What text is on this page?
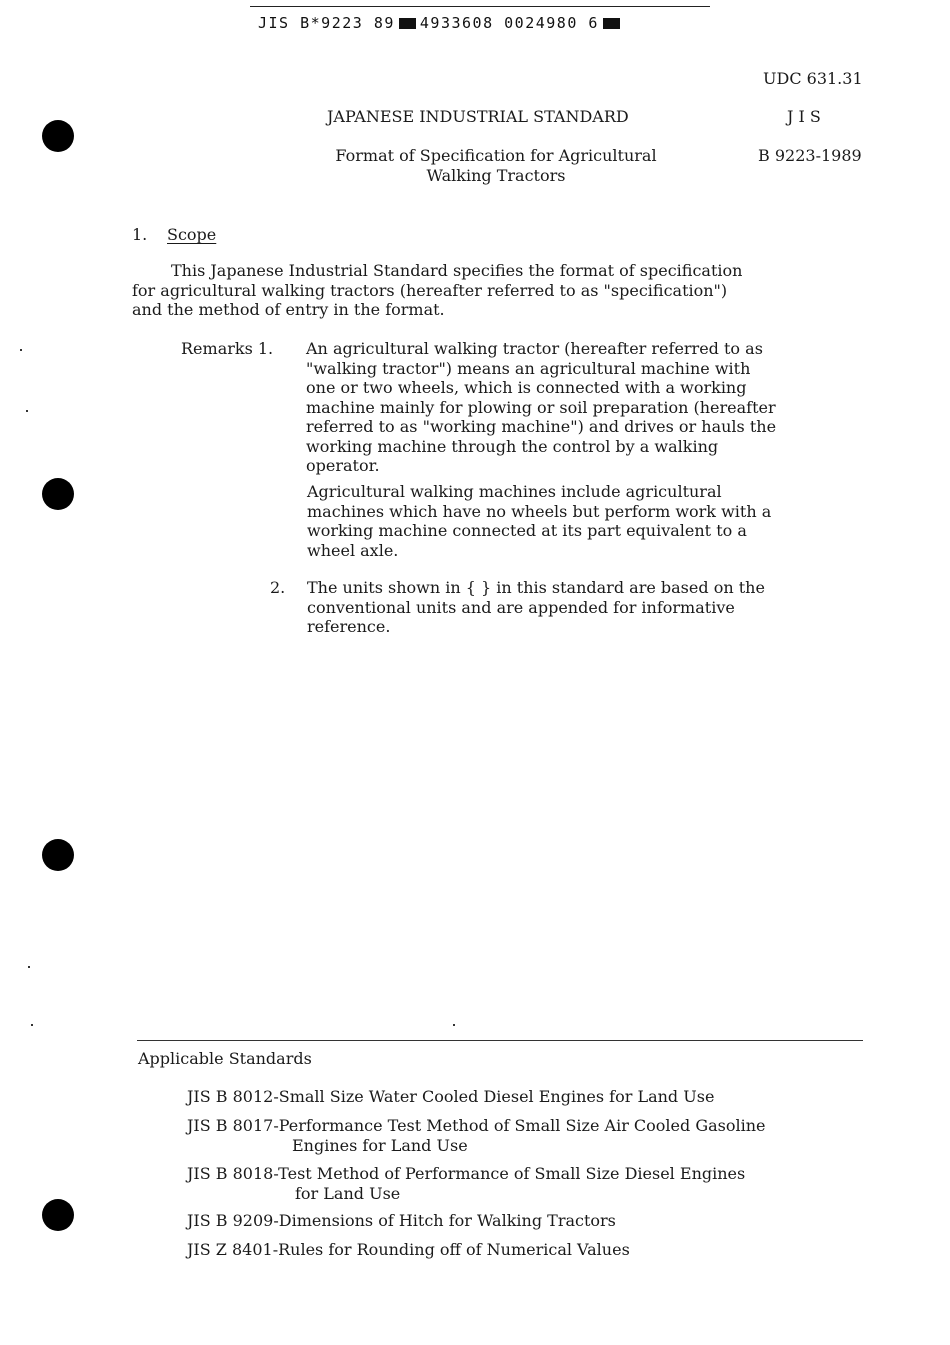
JIS B*9223 89 4933608 0024980 6
UDC 631.31
JAPANESE INDUSTRIAL STANDARD	J I S
Format of Specification for Agricultural
Walking Tractors
B 9223-1989
1. Scope
This Japanese Industrial Standard specifies the format of specification
for agricultural walking tractors (hereafter referred to as "specification")
and the method of entry in the format.
Remarks 1. An agricultural walking tractor (hereafter referred to as
"walking tractor") means an agricultural machine with
one or two wheels, which is connected with a working
machine mainly for plowing or soil preparation (hereafter
referred to as "working machine") and drives or hauls the
working machine through the control by a walking
operator.
Agricultural walking machines include agricultural
machines which have no wheels but perform work with a
working machine connected at its part equivalent to a
wheel axle.
2. The units shown in { } in this standard are based on the
conventional units and are appended for informative
reference.
Applicable Standards
JIS B 8012-Small Size Water Cooled Diesel Engines for Land Use
JIS B 8017-Performance Test Method of Small Size Air Cooled Gasoline
Engines for Land Use
JIS B 8018-Test Method of Performance of Small Size Diesel Engines
for Land Use
JIS B 9209-Dimensions of Hitch for Walking Tractors
JIS Z 8401-Rules for Rounding off of Numerical Values
